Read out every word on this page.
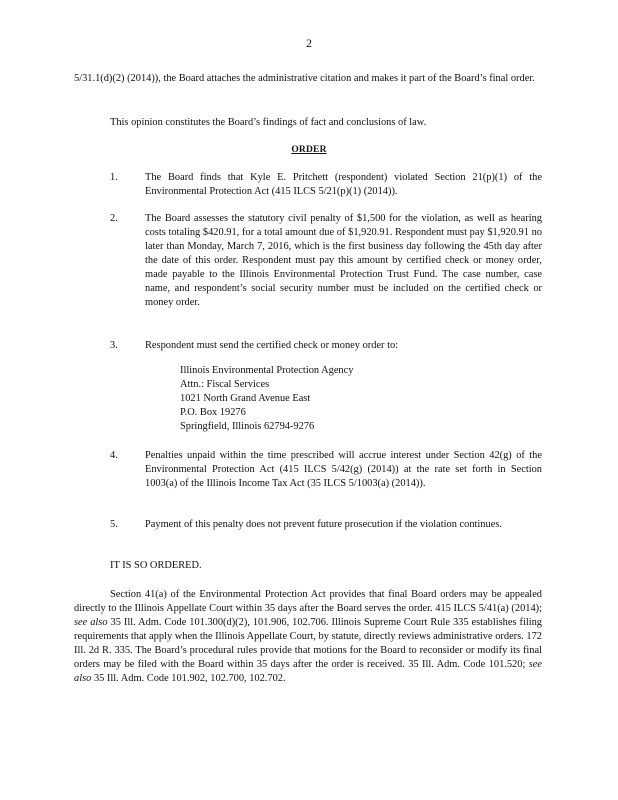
2

5/31.1(d)(2) (2014)), the Board attaches the administrative citation and makes it part of the Board’s final order.

This opinion constitutes the Board’s findings of fact and conclusions of law.

ORDER
1.	The Board finds that Kyle E. Pritchett (respondent) violated Section 21(p)(1) of the Environmental Protection Act (415 ILCS 5/21(p)(1) (2014)).
2.	The Board assesses the statutory civil penalty of $1,500 for the violation, as well as hearing costs totaling $420.91, for a total amount due of $1,920.91. Respondent must pay $1,920.91 no later than Monday, March 7, 2016, which is the first business day following the 45th day after the date of this order. Respondent must pay this amount by certified check or money order, made payable to the Illinois Environmental Protection Trust Fund. The case number, case name, and respondent’s social security number must be included on the certified check or money order.
3.	Respondent must send the certified check or money order to:
Illinois Environmental Protection Agency
Attn.: Fiscal Services
1021 North Grand Avenue East
P.O. Box 19276
Springfield, Illinois 62794-9276
4.	Penalties unpaid within the time prescribed will accrue interest under Section 42(g) of the Environmental Protection Act (415 ILCS 5/42(g) (2014)) at the rate set forth in Section 1003(a) of the Illinois Income Tax Act (35 ILCS 5/1003(a) (2014)).
5.	Payment of this penalty does not prevent future prosecution if the violation continues.
IT IS SO ORDERED.

Section 41(a) of the Environmental Protection Act provides that final Board orders may be appealed directly to the Illinois Appellate Court within 35 days after the Board serves the order. 415 ILCS 5/41(a) (2014); see also 35 Ill. Adm. Code 101.300(d)(2), 101.906, 102.706. Illinois Supreme Court Rule 335 establishes filing requirements that apply when the Illinois Appellate Court, by statute, directly reviews administrative orders. 172 Ill. 2d R. 335. The Board’s procedural rules provide that motions for the Board to reconsider or modify its final orders may be filed with the Board within 35 days after the order is received. 35 Ill. Adm. Code 101.520; see also 35 Ill. Adm. Code 101.902, 102.700, 102.702.
